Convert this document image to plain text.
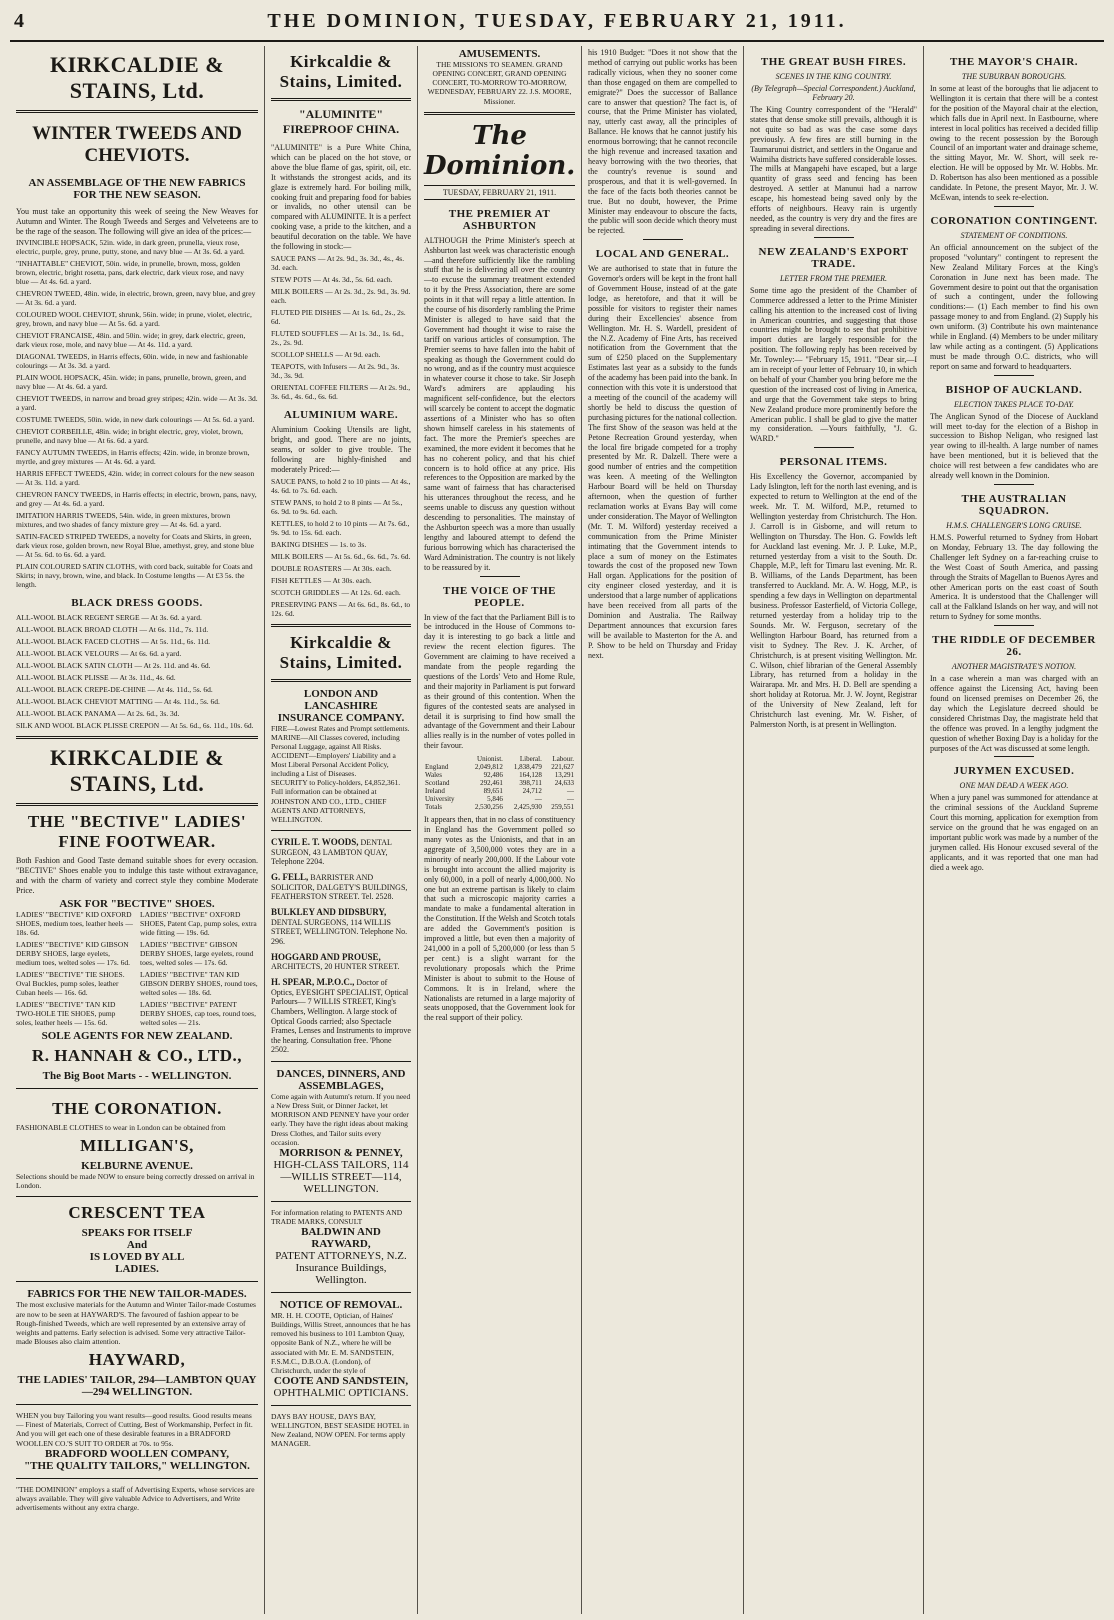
4	THE DOMINION, TUESDAY, FEBRUARY 21, 1911.
KIRKCALDIE & STAINS, Ltd.
WINTER TWEEDS AND CHEVIOTS.
AN ASSEMBLAGE OF THE NEW FABRICS FOR THE NEW SEASON.

You must take an opportunity this week of seeing the New Weaves for Autumn and Winter. The Rough Tweeds and Serges and Velveteens are to be the rage of the season. The following will give an idea of the prices:—

INVINCIBLE HOPSACK, 52in. wide, in dark green, prunella, vieux rose, electric, purple, grey, prune, putty, stone, and navy blue — At 3s. 6d. a yard.
"INHATTABLE" CHEVIOT, 50in. wide, in prunelle, brown, moss, golden brown, electric, bright rosetta, pans, dark electric, dark vieux rose, and navy blue — At 4s. 6d. a yard.
CHEVRON TWEED, 48in. wide, in electric, brown, green, navy blue, and grey — At 3s. 6d. a yard.
COLOURED WOOL CHEVIOT, shrunk, 56in. wide; in prune, violet, electric, grey, brown, and navy blue — At 5s. 6d. a yard.
CHEVIOT FRANCAISE, 48in. and 50in. wide; in grey, dark electric, green, dark vieux rose, mole, and navy blue — At 4s. 11d. a yard.
DIAGONAL TWEEDS, in Harris effects, 60in. wide, in new and fashionable colourings — At 3s. 3d. a yard.
PLAIN WOOL HOPSACK, 45in. wide; in pans, prunelle, brown, green, and navy blue — At 4s. 6d. a yard.
CHEVIOT TWEEDS, in narrow and broad grey stripes; 42in. wide — At 3s. 3d. a yard.
COSTUME TWEEDS, 50in. wide, in new dark colourings — At 5s. 6d. a yard.
CHEVIOT CORBEILLE, 48in. wide; in bright electric, grey, violet, brown, prunelle, and navy blue — At 6s. 6d. a yard.
FANCY AUTUMN TWEEDS, in Harris effects; 42in. wide, in bronze brown, myrtle, and grey mixtures — At 4s. 6d. a yard.
HARRIS EFFECT TWEEDS, 42in. wide; in correct colours for the new season — At 3s. 11d. a yard.
CHEVRON FANCY TWEEDS, in Harris effects; in electric, brown, pans, navy, and grey — At 4s. 6d. a yard.
IMITATION HARRIS TWEEDS, 54in. wide, in green mixtures, brown mixtures, and two shades of fancy mixture grey — At 4s. 6d. a yard.
SATIN-FACED STRIPED TWEEDS, a novelty for Coats and Skirts, in green, dark vieux rose, golden brown, new Royal Blue, amethyst, grey, and stone blue — At 5s. 6d. to 6s. 6d. a yard.
PLAIN COLOURED SATIN CLOTHS, with cord back, suitable for Coats and Skirts; in navy, brown, wine, and black. In Costume lengths — At £3 5s. the length.
BLACK DRESS GOODS.
ALL-WOOL BLACK REGENT SERGE — At 3s. 6d. a yard.
ALL-WOOL BLACK BROAD CLOTH — At 6s. 11d., 7s. 11d.
ALL-WOOL BLACK FACED CLOTHS — At 5s. 11d., 6s. 11d.
ALL-WOOL BLACK VELOURS — At 6s. 6d. a yard.
ALL-WOOL BLACK SATIN CLOTH — At 2s. 11d. and 4s. 6d.
ALL-WOOL BLACK PLISSE — At 3s. 11d., 4s. 6d.
ALL-WOOL BLACK CREPE-DE-CHINE — At 4s. 11d., 5s. 6d.
ALL-WOOL BLACK CHEVIOT MATTING — At 4s. 11d., 5s. 6d.
ALL-WOOL BLACK PANAMA — At 2s. 6d., 3s. 3d.
SILK AND WOOL BLACK PLISSE CREPON — At 5s. 6d., 6s. 11d., 10s. 6d.
KIRKCALDIE & STAINS, Ltd.
THE "BECTIVE" LADIES' FINE FOOTWEAR.

Both Fashion and Good Taste demand suitable shoes for every occasion. "BECTIVE" Shoes enable you to indulge this taste without extravagance, and with the charm of variety and correct style they combine Moderate Price.

ASK FOR "BECTIVE" SHOES.
LADIES' "BECTIVE" KID OXFORD SHOES, medium toes, leather heels — 18s. 6d.
LADIES' "BECTIVE" KID GIBSON DERBY SHOES, large eyelets, medium toes, welted soles — 17s. 6d.
LADIES' "BECTIVE" TIE SHOES. Oval Buckles, pump soles, leather Cuban heels — 16s. 6d.
LADIES' "BECTIVE" TAN KID TWO-HOLE TIE SHOES, pump soles, leather heels — 15s. 6d.
LADIES' "BECTIVE" OXFORD SHOES, Patent Cap, pump soles, extra wide fitting — 19s. 6d.
LADIES' "BECTIVE" GIBSON DERBY SHOES, large eyelets, round toes, welted soles — 17s. 6d.
LADIES' "BECTIVE" TAN KID GIBSON DERBY SHOES, round toes, welted soles — 18s. 6d.
LADIES' "BECTIVE" PATENT DERBY SHOES, cap toes, round toes, welted soles — 21s.
SOLE AGENTS FOR NEW ZEALAND.
R. HANNAH & CO., LTD.,
The Big Boot Marts - - WELLINGTON.
THE CORONATION.

FASHIONABLE CLOTHES to wear in London can be obtained from

MILLIGAN'S,
KELBURNE AVENUE.

Selections should be made NOW to ensure being correctly dressed on arrival in London.

CRESCENT TEA
SPEAKS FOR ITSELF
And
IS LOVED BY ALL
LADIES.
FABRICS FOR THE NEW TAILOR-MADES.

The most exclusive materials for the Autumn and Winter Tailor-made Costumes are now to be seen at HAYWARD'S. The favoured of fashion appear to be Rough-finished Tweeds, which are well represented by an extensive array of weights and patterns. Early selection is advised. Some very attractive Tailor-made Blouses also claim attention.

HAYWARD,
THE LADIES' TAILOR, 294—LAMBTON QUAY—294 WELLINGTON.

WHEN you buy Tailoring you want results—good results. Good results means— Finest of Materials, Correct of Cutting, Best of Workmanship, Perfect in fit. And you will get each one of these desirable features in a BRADFORD WOOLLEN CO.'S SUIT TO ORDER at 70s. to 95s.

BRADFORD WOOLLEN COMPANY,
"THE QUALITY TAILORS," WELLINGTON.

"THE DOMINION" employs a staff of Advertising Experts, whose services are always available. They will give valuable Advice to Advertisers, and Write advertisements without any extra charge.

Kirkcaldie & Stains, Limited.
"ALUMINITE" FIREPROOF CHINA.

"ALUMINITE" is a Pure White China, which can be placed on the hot stove, or above the blue flame of gas, spirit, oil, etc. It withstands the strongest acids, and its glaze is extremely hard. For boiling milk, cooking fruit and preparing food for babies or invalids, no other utensil can be compared with ALUMINITE. It is a perfect cooking vase, a pride to the kitchen, and a beautiful decoration on the table. We have the following in stock:—

SAUCE PANS — At 2s. 9d., 3s. 3d., 4s., 4s. 3d. each.
STEW POTS — At 4s. 3d., 5s. 6d. each.
MILK BOILERS — At 2s. 3d., 2s. 9d., 3s. 9d. each.
FLUTED PIE DISHES — At 1s. 6d., 2s., 2s. 6d.
FLUTED SOUFFLES — At 1s. 3d., 1s. 6d., 2s., 2s. 9d.
SCOLLOP SHELLS — At 9d. each.
TEAPOTS, with Infusers — At 2s. 9d., 3s. 3d., 3s. 9d.
ORIENTAL COFFEE FILTERS — At 2s. 9d., 3s. 6d., 4s. 6d., 6s. 6d.
ALUMINIUM WARE.

Aluminium Cooking Utensils are light, bright, and good. There are no joints, seams, or solder to give trouble. The following are highly-finished and moderately Priced:—

SAUCE PANS, to hold 2 to 10 pints — At 4s., 4s. 6d. to 7s. 6d. each.
STEW PANS, to hold 2 to 8 pints — At 5s., 6s. 9d. to 9s. 6d. each.
KETTLES, to hold 2 to 10 pints — At 7s. 6d., 9s. 9d. to 15s. 6d. each.
BAKING DISHES — 1s. to 3s.
MILK BOILERS — At 5s. 6d., 6s. 6d., 7s. 6d.
DOUBLE ROASTERS — At 30s. each.
FISH KETTLES — At 30s. each.
SCOTCH GRIDDLES — At 12s. 6d. each.
PRESERVING PANS — At 6s. 6d., 8s. 6d., to 12s. 6d.
Kirkcaldie & Stains, Limited.
LONDON AND LANCASHIRE INSURANCE COMPANY.

FIRE—Lowest Rates and Prompt settlements.

MARINE—All Classes covered, including Personal Luggage, against All Risks.

ACCIDENT—Employers' Liability and a Most Liberal Personal Accident Policy, including a List of Diseases.

SECURITY to Policy-holders, £4,852,361.

Full information can be obtained at JOHNSTON AND CO., LTD., CHIEF AGENTS AND ATTORNEYS, WELLINGTON.

CYRIL E. T. WOODS, DENTAL SURGEON, 43 LAMBTON QUAY, Telephone 2204.
G. FELL, BARRISTER AND SOLICITOR, DALGETY'S BUILDINGS, FEATHERSTON STREET. Tel. 2528.
BULKLEY AND DIDSBURY, DENTAL SURGEONS, 114 WILLIS STREET, WELLINGTON. Telephone No. 296.
HOGGARD AND PROUSE, ARCHITECTS, 20 HUNTER STREET.
H. SPEAR, M.P.O.C., Doctor of Optics, EYESIGHT SPECIALIST, Optical Parlours— 7 WILLIS STREET, King's Chambers, Wellington. A large stock of Optical Goods carried; also Spectacle Frames, Lenses and Instruments to improve the hearing. Consultation free. 'Phone 2502.
DANCES, DINNERS, AND ASSEMBLAGES,

Come again with Autumn's return. If you need a New Dress Suit, or Dinner Jacket, let MORRISON AND PENNEY have your order early. They have the right ideas about making Dress Clothes, and Tailor suits every occasion.

MORRISON & PENNEY,
HIGH-CLASS TAILORS, 114—WILLIS STREET—114, WELLINGTON.

For information relating to PATENTS AND TRADE MARKS, CONSULT

BALDWIN AND RAYWARD,
PATENT ATTORNEYS, N.Z. Insurance Buildings, Wellington.
NOTICE OF REMOVAL.

MR. H. H. COOTE, Optician, of Haines' Buildings, Willis Street, announces that he has removed his business to 101 Lambton Quay, opposite Bank of N.Z., where he will be associated with Mr. E. M. SANDSTEIN, F.S.M.C., D.B.O.A. (London), of Christchurch, under the style of

COOTE AND SANDSTEIN,
OPHTHALMIC OPTICIANS.

DAYS BAY HOUSE, DAYS BAY, WELLINGTON, BEST SEASIDE HOTEL in New Zealand, NOW OPEN. For terms apply MANAGER.

AMUSEMENTS.

THE MISSIONS TO SEAMEN. GRAND OPENING CONCERT, GRAND OPENING CONCERT, TO-MORROW TO-MORROW, WEDNESDAY, FEBRUARY 22. J.S. MOORE, Missioner.

The Dominion.
TUESDAY, FEBRUARY 21, 1911.
THE PREMIER AT ASHBURTON

ALTHOUGH the Prime Minister's speech at Ashburton last week was characteristic enough—and therefore sufficiently like the rambling stuff that he is delivering all over the country—to excuse the summary treatment extended to it by the Press Association, there are some points in it that will repay a little attention. In the course of his disorderly rambling the Prime Minister is alleged to have said that the Government had thought it wise to raise the tariff on various articles of consumption. The Premier seems to have fallen into the habit of speaking as though the Government could do no wrong, and as if the country must acquiesce in whatever course it chose to take. Sir Joseph Ward's admirers are applauding his magnificent self-confidence, but the electors will scarcely be content to accept the dogmatic assertions of a Minister who has so often shown himself careless in his statements of fact. The more the Premier's speeches are examined, the more evident it becomes that he has no coherent policy, and that his chief concern is to hold office at any price. His references to the Opposition are marked by the same want of fairness that has characterised his utterances throughout the recess, and he seems unable to discuss any question without descending to personalities. The mainstay of the Ashburton speech was a more than usually lengthy and laboured attempt to defend the furious borrowing which has characterised the Ward Administration. The country is not likely to be reassured by it.

THE VOICE OF THE PEOPLE.

In view of the fact that the Parliament Bill is to be introduced in the House of Commons to-day it is interesting to go back a little and review the recent election figures. The Government are claiming to have received a mandate from the people regarding the questions of the Lords' Veto and Home Rule, and their majority in Parliament is put forward as their ground of this contention. When the figures of the contested seats are analysed in detail it is surprising to find how small the advantage of the Government and their Labour allies really is in the number of votes polled in their favour.

	Unionist.	Liberal.	Labour.
England	2,049,812	1,838,479	221,627
Wales	92,486	164,128	13,291
Scotland	292,461	398,711	24,633
Ireland	89,651	24,712	—
University	5,846	—	—
Totals	2,530,256	2,425,930	259,551

It appears then, that in no class of constituency in England has the Government polled so many votes as the Unionists, and that in an aggregate of 3,500,000 votes they are in a minority of nearly 200,000. If the Labour vote is brought into account the allied majority is only 60,000, in a poll of nearly 4,000,000. No one but an extreme partisan is likely to claim that such a microscopic majority carries a mandate to make a fundamental alteration in the Constitution. If the Welsh and Scotch totals are added the Government's position is improved a little, but even then a majority of 241,000 in a poll of 5,200,000 (or less than 5 per cent.) is a slight warrant for the revolutionary proposals which the Prime Minister is about to submit to the House of Commons. It is in Ireland, where the Nationalists are returned in a large majority of seats unopposed, that the Government look for the real support of their policy.

his 1910 Budget: "Does it not show that the method of carrying out public works has been radically vicious, when they no sooner come than those engaged on them are compelled to emigrate?" Does the successor of Ballance care to answer that question? The fact is, of course, that the Prime Minister has violated, nay, utterly cast away, all the principles of Ballance. He knows that he cannot justify his enormous borrowing; that he cannot reconcile the high revenue and increased taxation and heavy borrowing with the two theories, that the country's revenue is sound and prosperous, and that it is well-governed. In the face of the facts both theories cannot be true. But no doubt, however, the Prime Minister may endeavour to obscure the facts, the public will soon decide which theory must be rejected.

LOCAL AND GENERAL.

We are authorised to state that in future the Governor's orders will be kept in the front hall of Government House, instead of at the gate lodge, as heretofore, and that it will be possible for visitors to register their names during their Excellencies' absence from Wellington. Mr. H. S. Wardell, president of the N.Z. Academy of Fine Arts, has received notification from the Government that the sum of £250 placed on the Supplementary Estimates last year as a subsidy to the funds of the academy has been paid into the bank. In connection with this vote it is understood that a meeting of the council of the academy will shortly be held to discuss the question of purchasing pictures for the national collection. The first Show of the season was held at the Petone Recreation Ground yesterday, when the local fire brigade competed for a trophy presented by Mr. R. Dalzell. There were a good number of entries and the competition was keen. A meeting of the Wellington Harbour Board will be held on Thursday afternoon, when the question of further reclamation works at Evans Bay will come under consideration. The Mayor of Wellington (Mr. T. M. Wilford) yesterday received a communication from the Prime Minister intimating that the Government intends to place a sum of money on the Estimates towards the cost of the proposed new Town Hall organ. Applications for the position of city engineer closed yesterday, and it is understood that a large number of applications have been received from all parts of the Dominion and Australia. The Railway Department announces that excursion fares will be available to Masterton for the A. and P. Show to be held on Thursday and Friday next.

THE GREAT BUSH FIRES.
SCENES IN THE KING COUNTRY.
(By Telegraph—Special Correspondent.) Auckland, February 20.

The King Country correspondent of the "Herald" states that dense smoke still prevails, although it is not quite so bad as was the case some days previously. A few fires are still burning in the Taumarunui district, and settlers in the Ongarue and Waimiha districts have suffered considerable losses. The mills at Mangapehi have escaped, but a large quantity of grass seed and fencing has been destroyed. A settler at Manunui had a narrow escape, his homestead being saved only by the efforts of neighbours. Heavy rain is urgently needed, as the country is very dry and the fires are spreading in several directions.

NEW ZEALAND'S EXPORT TRADE.
LETTER FROM THE PREMIER.

Some time ago the president of the Chamber of Commerce addressed a letter to the Prime Minister calling his attention to the increased cost of living in American countries, and suggesting that those countries might be brought to see that prohibitive import duties are largely responsible for the position. The following reply has been received by Mr. Townley:— "February 15, 1911. "Dear sir,—I am in receipt of your letter of February 10, in which on behalf of your Chamber you bring before me the question of the increased cost of living in America, and urge that the Government take steps to bring New Zealand produce more prominently before the American public. I shall be glad to give the matter my consideration. —Yours faithfully, "J. G. WARD."

PERSONAL ITEMS.

His Excellency the Governor, accompanied by Lady Islington, left for the north last evening, and is expected to return to Wellington at the end of the week. Mr. T. M. Wilford, M.P., returned to Wellington yesterday from Christchurch. The Hon. J. Carroll is in Gisborne, and will return to Wellington on Thursday. The Hon. G. Fowlds left for Auckland last evening. Mr. J. P. Luke, M.P., returned yesterday from a visit to the South. Dr. Chapple, M.P., left for Timaru last evening. Mr. R. B. Williams, of the Lands Department, has been transferred to Auckland. Mr. A. W. Hogg, M.P., is spending a few days in Wellington on departmental business. Professor Easterfield, of Victoria College, returned yesterday from a holiday trip to the Sounds. Mr. W. Ferguson, secretary of the Wellington Harbour Board, has returned from a visit to Sydney. The Rev. J. K. Archer, of Christchurch, is at present visiting Wellington. Mr. C. Wilson, chief librarian of the General Assembly Library, has returned from a holiday in the Wairarapa. Mr. and Mrs. H. D. Bell are spending a short holiday at Rotorua. Mr. J. W. Joynt, Registrar of the University of New Zealand, left for Christchurch last evening. Mr. W. Fisher, of Palmerston North, is at present in Wellington.

THE MAYOR'S CHAIR.
THE SUBURBAN BOROUGHS.

In some at least of the boroughs that lie adjacent to Wellington it is certain that there will be a contest for the position of the Mayoral chair at the election, which falls due in April next. In Eastbourne, where interest in local politics has received a decided fillip owing to the recent possession by the Borough Council of an important water and drainage scheme, the sitting Mayor, Mr. W. Short, will seek re-election. He will be opposed by Mr. W. Hobbs. Mr. D. Robertson has also been mentioned as a possible candidate. In Petone, the present Mayor, Mr. J. W. McEwan, intends to seek re-election.

CORONATION CONTINGENT.
STATEMENT OF CONDITIONS.

An official announcement on the subject of the proposed "voluntary" contingent to represent the New Zealand Military Forces at the King's Coronation in June next has been made. The Government desire to point out that the organisation of such a contingent, under the following conditions:— (1) Each member to find his own passage money to and from England. (2) Supply his own uniform. (3) Contribute his own maintenance while in England. (4) Members to be under military law while acting as a contingent. (5) Applications must be made through O.C. districts, who will report on same and forward to headquarters.

BISHOP OF AUCKLAND.
ELECTION TAKES PLACE TO-DAY.

The Anglican Synod of the Diocese of Auckland will meet to-day for the election of a Bishop in succession to Bishop Neligan, who resigned last year owing to ill-health. A large number of names have been mentioned, but it is believed that the choice will rest between a few candidates who are already well known in the Dominion.

THE AUSTRALIAN SQUADRON.
H.M.S. CHALLENGER'S LONG CRUISE.

H.M.S. Powerful returned to Sydney from Hobart on Monday, February 13. The day following the Challenger left Sydney on a far-reaching cruise to the West Coast of South America, and passing through the Straits of Magellan to Buenos Ayres and other American ports on the east coast of South America. It is understood that the Challenger will call at the Falkland Islands on her way, and will not return to Sydney for some months.

THE RIDDLE OF DECEMBER 26.
ANOTHER MAGISTRATE'S NOTION.

In a case wherein a man was charged with an offence against the Licensing Act, having been found on licensed premises on December 26, the day which the Legislature decreed should be considered Christmas Day, the magistrate held that the offence was proved. In a lengthy judgment the question of whether Boxing Day is a holiday for the purposes of the Act was discussed at some length.

JURYMEN EXCUSED.
ONE MAN DEAD A WEEK AGO.

When a jury panel was summoned for attendance at the criminal sessions of the Auckland Supreme Court this morning, application for exemption from service on the ground that he was engaged on an important public work was made by a number of the jurymen called. His Honour excused several of the applicants, and it was reported that one man had died a week ago.
